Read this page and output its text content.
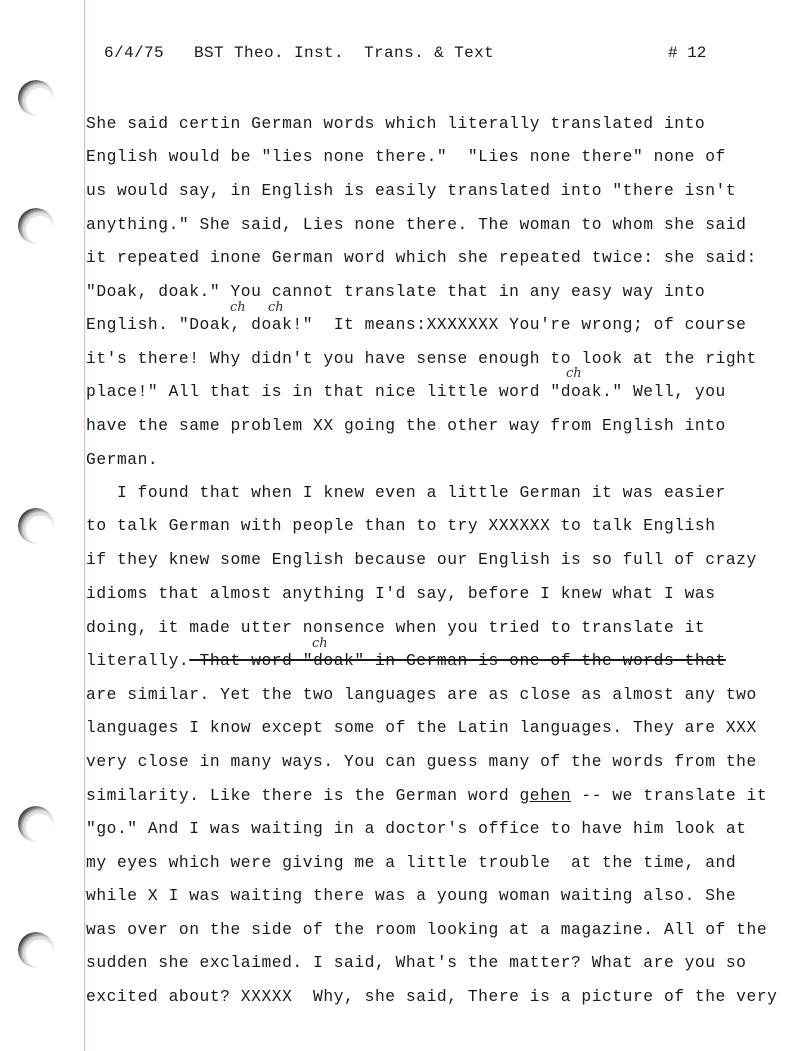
6/4/75 BST Theo. Inst.  Trans. & Text	# 12
She said certin German words which literally translated into
English would be "lies none there."  "Lies none there" none of
us would say, in English is easily translated into "there isn't
anything." She said, Lies none there. The woman to whom she said
it repeated inone German word which she repeated twice: she said:
"Doak, doak." You cannot translate that in any easy way into
English. "Doak, doak!"  It means:XXXXXXX You're wrong; of course
it's there! Why didn't you have sense enough to look at the right
place!" All that is in that nice little word "doak." Well, you
have the same problem XX going the other way from English into
German.
I found that when I knew even a little German it was easier
to talk German with people than to try XXXXXX to talk English
if they knew some English because our English is so full of crazy
idioms that almost anything I'd say, before I knew what I was
doing, it made utter nonsence when you tried to translate it
literally. That word "doak" in German is one of the words that
are similar. Yet the two languages are as close as almost any two
languages I know except some of the Latin languages. They are XXX
very close in many ways. You can guess many of the words from the
similarity. Like there is the German word gehen -- we translate it
"go." And I was waiting in a doctor's office to have him look at
my eyes which were giving me a little trouble  at the time, and
while X I was waiting there was a young woman waiting also. She
was over on the side of the room looking at a magazine. All of the
sudden she exclaimed. I said, What's the matter? What are you so
excited about? XXXXX  Why, she said, There is a picture of the very
ch ch
ch
ch
